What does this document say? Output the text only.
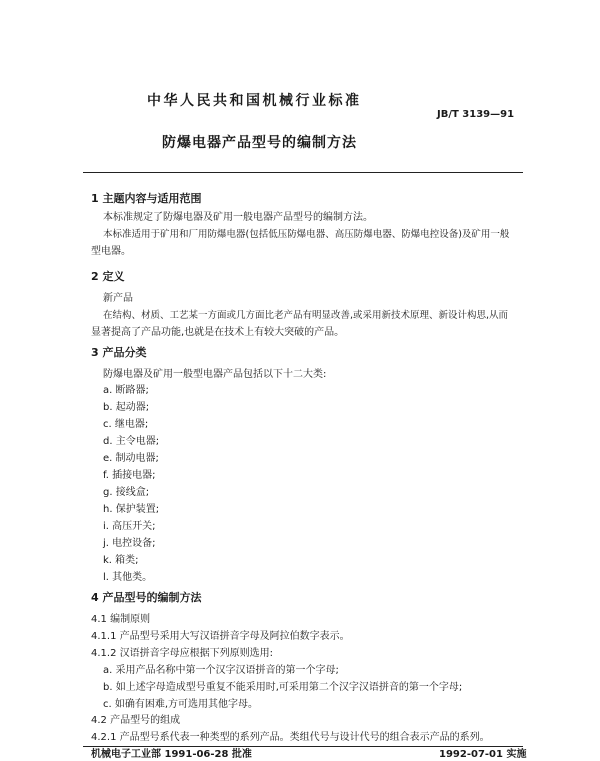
中华人民共和国机械行业标准
JB/T 3139—91
防爆电器产品型号的编制方法
1 主题内容与适用范围
本标准规定了防爆电器及矿用一般电器产品型号的编制方法。
本标准适用于矿用和厂用防爆电器(包括低压防爆电器、高压防爆电器、防爆电控设备)及矿用一般
型电器。
2 定义
新产品
在结构、材质、工艺某一方面或几方面比老产品有明显改善,或采用新技术原理、新设计构思,从而
显著提高了产品功能,也就是在技术上有较大突破的产品。
3 产品分类
防爆电器及矿用一般型电器产品包括以下十二大类:
a. 断路器;
b. 起动器;
c. 继电器;
d. 主令电器;
e. 制动电器;
f. 插接电器;
g. 接线盒;
h. 保护装置;
i. 高压开关;
j. 电控设备;
k. 箱类;
l. 其他类。
4 产品型号的编制方法
4.1 编制原则
4.1.1 产品型号采用大写汉语拼音字母及阿拉伯数字表示。
4.1.2 汉语拼音字母应根据下列原则选用:
a. 采用产品名称中第一个汉字汉语拼音的第一个字母;
b. 如上述字母造成型号重复不能采用时,可采用第二个汉字汉语拼音的第一个字母;
c. 如确有困难,方可选用其他字母。
4.2 产品型号的组成
4.2.1 产品型号系代表一种类型的系列产品。类组代号与设计代号的组合表示产品的系列。
机械电子工业部 1991-06-28 批准	1992-07-01 实施
